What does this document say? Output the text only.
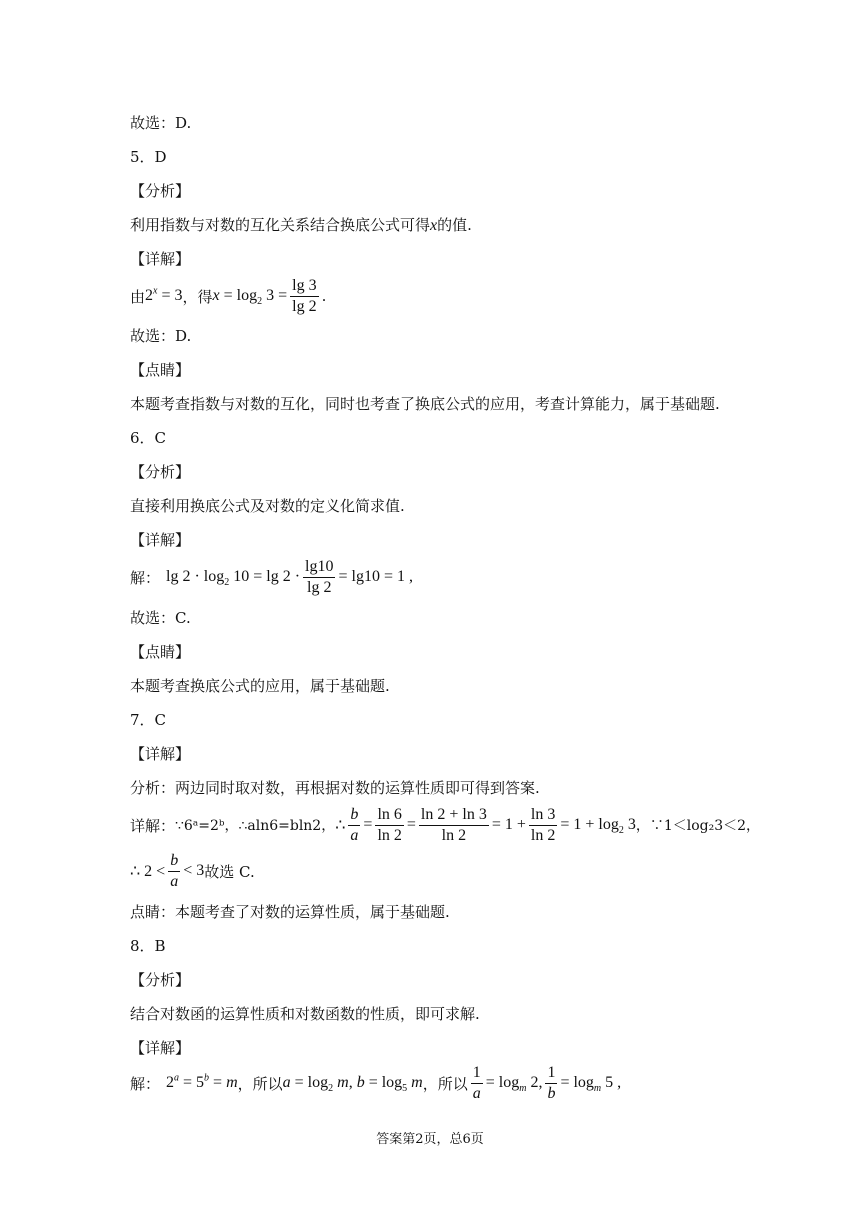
故选：D.
5．D
【分析】
利用指数与对数的互化关系结合换底公式可得x的值.
【详解】
由 $2^x = 3$ ，得 $x = \log_2 3 = \frac{\lg 3}{\lg 2}$ .
故选：D.
【点睛】
本题考查指数与对数的互化，同时也考查了换底公式的应用，考查计算能力，属于基础题.
6．C
【分析】
直接利用换底公式及对数的定义化简求值.
【详解】
解： $\lg 2 \cdot \log_2 10 = \lg 2 \cdot \frac{\lg 10}{\lg 2} = \lg 10 = 1$ ,
故选：C.
【点睛】
本题考查换底公式的应用，属于基础题.
7．C
【详解】
分析：两边同时取对数，再根据对数的运算性质即可得到答案.
详解： ∵6ᵃ=2ᵇ，∴aln6=bln2， ∴ $\frac{b}{a} = \frac{\ln 6}{\ln 2} = \frac{\ln 2 + \ln 3}{\ln 2} = 1 + \frac{\ln 3}{\ln 2} = 1 + \log_2 3$ ，∵1＜log₂3＜2，
∴ $2 < \frac{b}{a} < 3$ 故选 C.
点睛：本题考查了对数的运算性质，属于基础题.
8．B
【分析】
结合对数函的运算性质和对数函数的性质，即可求解.
【详解】
解： $2^a = 5^b = m$ ，所以 $a = \log_2 m$, $b = \log_5 m$ ，所以 $\frac{1}{a} = \log_m 2$, $\frac{1}{b} = \log_m 5$ ,
答案第2页，总6页
